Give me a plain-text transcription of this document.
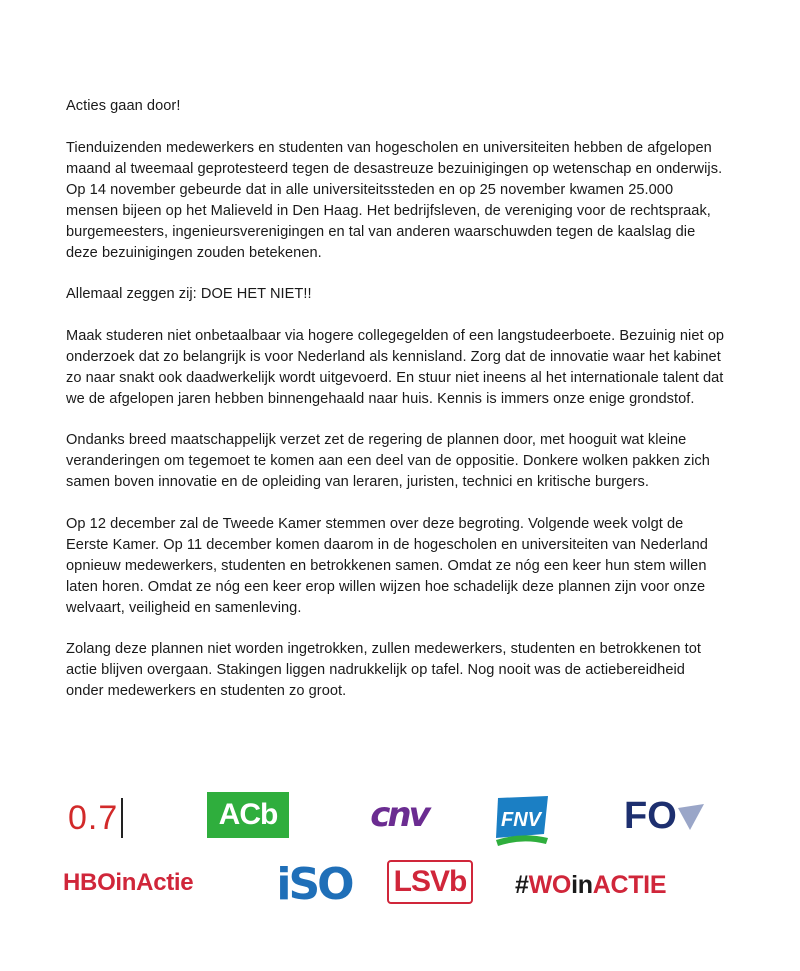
Acties gaan door!

Tienduizenden medewerkers en studenten van hogescholen en universiteiten hebben de afgelopen maand al tweemaal geprotesteerd tegen de desastreuze bezuinigingen op wetenschap en onderwijs. Op 14 november gebeurde dat in alle universiteitssteden en op 25 november kwamen 25.000 mensen bijeen op het Malieveld in Den Haag. Het bedrijfsleven, de vereniging voor de rechtspraak, burgemeesters, ingenieursverenigingen en tal van anderen waarschuwden tegen de kaalslag die deze bezuinigingen zouden betekenen.

Allemaal zeggen zij: DOE HET NIET!!

Maak studeren niet onbetaalbaar via hogere collegegelden of een langstudeerboete. Bezuinig niet op onderzoek dat zo belangrijk is voor Nederland als kennisland. Zorg dat de innovatie waar het kabinet zo naar snakt ook daadwerkelijk wordt uitgevoerd. En stuur niet ineens al het internationale talent dat we de afgelopen jaren hebben binnengehaald naar huis. Kennis is immers onze enige grondstof.

Ondanks breed maatschappelijk verzet zet de regering de plannen door, met hooguit wat kleine veranderingen om tegemoet te komen aan een deel van de oppositie. Donkere wolken pakken zich samen boven innovatie en de opleiding van leraren, juristen, technici en kritische burgers.

Op 12 december zal de Tweede Kamer stemmen over deze begroting. Volgende week volgt de Eerste Kamer. Op 11 december komen daarom in de hogescholen en universiteiten van Nederland opnieuw medewerkers, studenten en betrokkenen samen. Omdat ze nóg een keer hun stem willen laten horen. Omdat ze nóg een keer erop willen wijzen hoe schadelijk deze plannen zijn voor onze welvaart, veiligheid en samenleving.

Zolang deze plannen niet worden ingetrokken, zullen medewerkers, studenten en betrokkenen tot actie blijven overgaan. Stakingen liggen nadrukkelijk op tafel. Nog nooit was de actiebereidheid onder medewerkers en studenten zo groot.

0.7	ACb	cnv	FNV FO
HBOinActie iSO LSVb # WO in ACTIE
